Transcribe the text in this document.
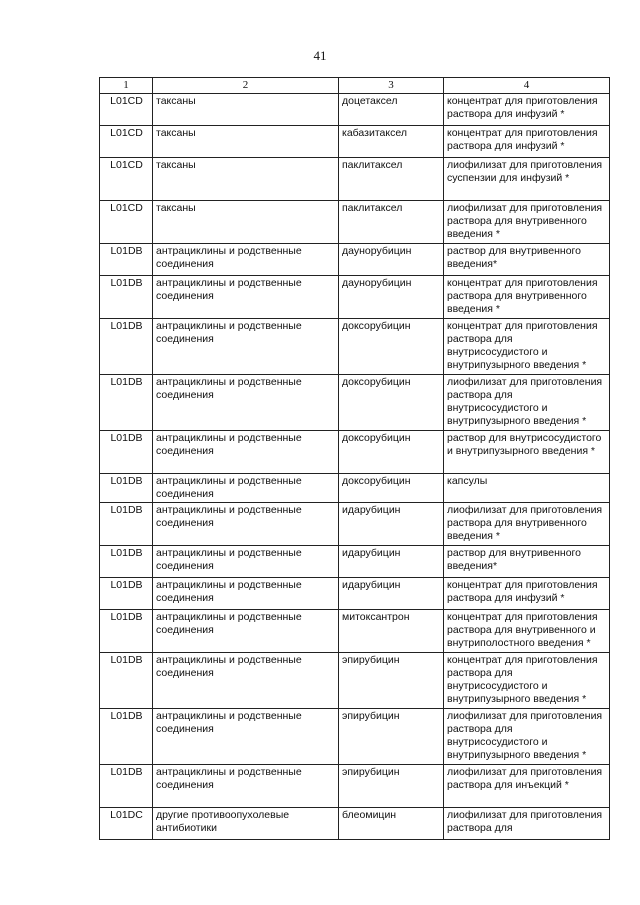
41
1	2	3	4
L01CD	таксаны	доцетаксел	концентрат для приготовления раствора для инфузий *
L01CD	таксаны	кабазитаксел	концентрат для приготовления раствора для инфузий *
L01CD	таксаны	паклитаксел	лиофилизат для приготовления суспензии для инфузий *
L01CD	таксаны	паклитаксел	лиофилизат для приготовления раствора для внутривенного введения *
L01DB	антрациклины и родственные соединения	даунорубицин	раствор для внутривенного введения*
L01DB	антрациклины и родственные соединения	даунорубицин	концентрат для приготовления раствора для внутривенного введения *
L01DB	антрациклины и родственные соединения	доксорубицин	концентрат для приготовления раствора для внутрисосудистого и внутрипузырного введения *
L01DB	антрациклины и родственные соединения	доксорубицин	лиофилизат для приготовления раствора для внутрисосудистого и внутрипузырного введения *
L01DB	антрациклины и родственные соединения	доксорубицин	раствор для внутрисосудистого и внутрипузырного введения *
L01DB	антрациклины и родственные соединения	доксорубицин	капсулы
L01DB	антрациклины и родственные соединения	идарубицин	лиофилизат для приготовления раствора для внутривенного введения *
L01DB	антрациклины и родственные соединения	идарубицин	раствор для внутривенного введения*
L01DB	антрациклины и родственные соединения	идарубицин	концентрат для приготовления раствора для инфузий *
L01DB	антрациклины и родственные соединения	митоксантрон	концентрат для приготовления раствора для внутривенного и внутриполостного введения *
L01DB	антрациклины и родственные соединения	эпирубицин	концентрат для приготовления раствора для внутрисосудистого и внутрипузырного введения *
L01DB	антрациклины и родственные соединения	эпирубицин	лиофилизат для приготовления раствора для внутрисосудистого и внутрипузырного введения *
L01DB	антрациклины и родственные соединения	эпирубицин	лиофилизат для приготовления раствора для инъекций *
L01DC	другие противоопухолевые антибиотики	блеомицин	лиофилизат для приготовления раствора для
